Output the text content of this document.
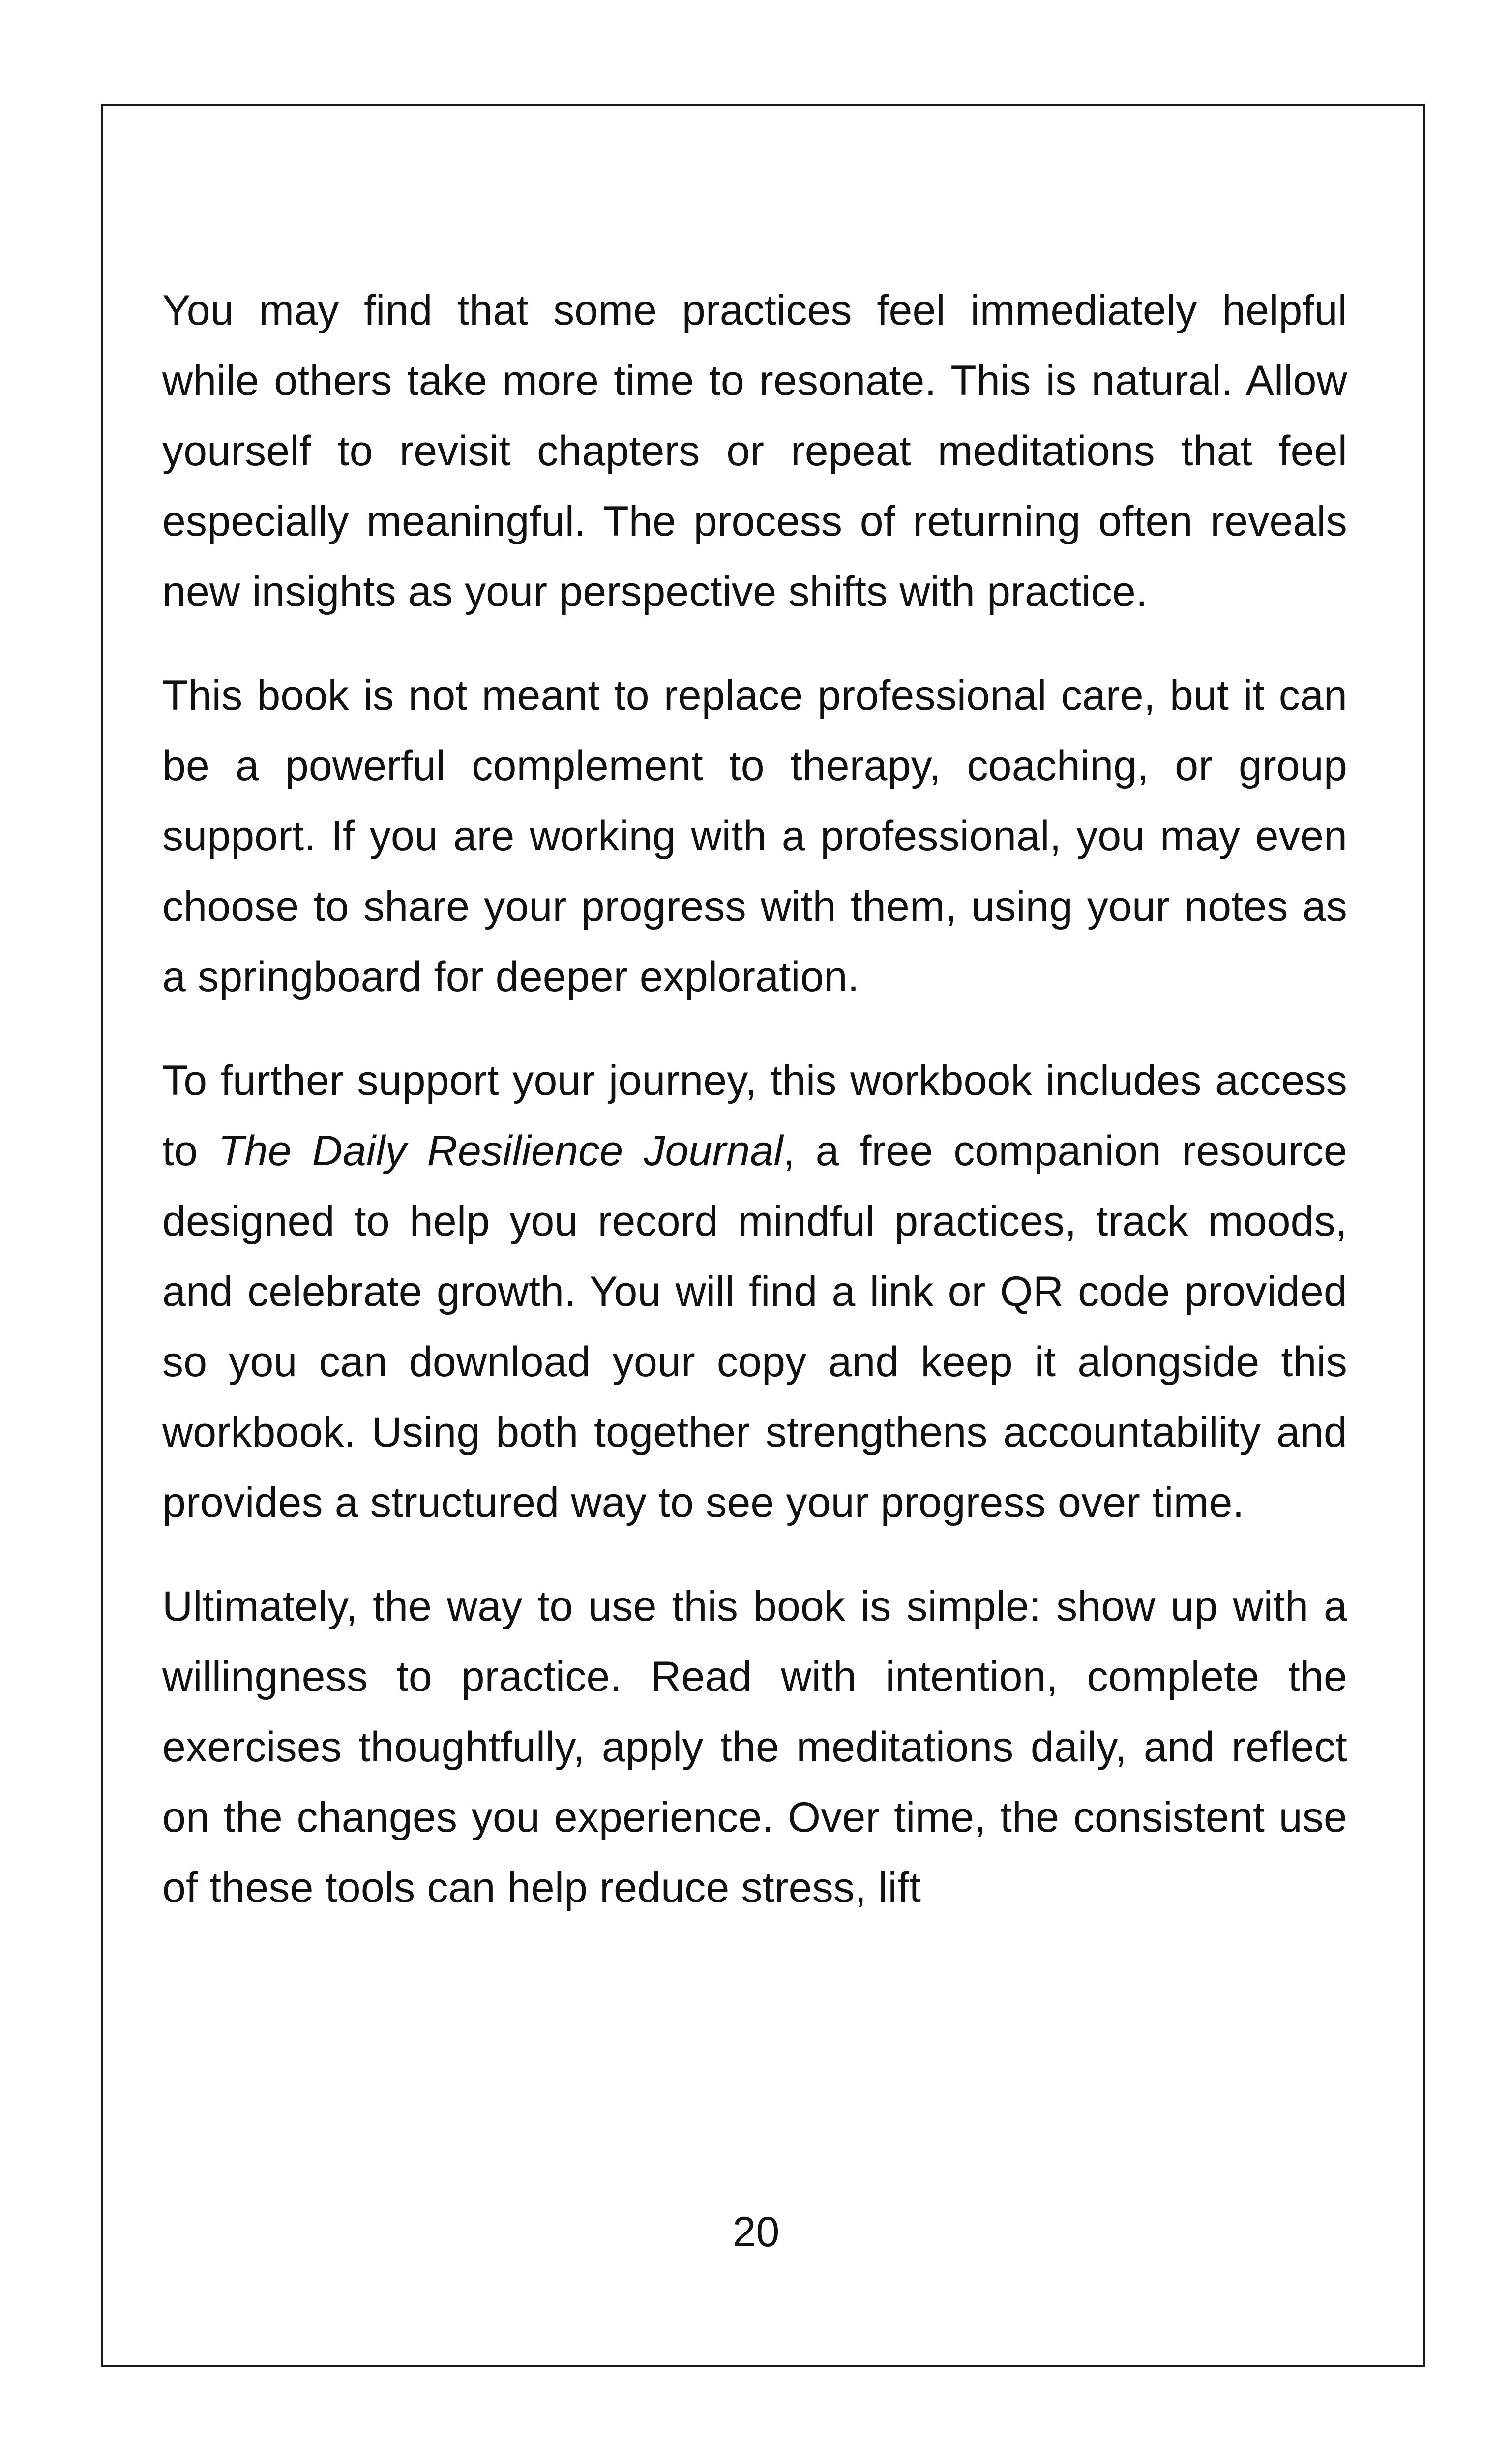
You may find that some practices feel immediately helpful while others take more time to resonate. This is natural. Allow yourself to revisit chapters or repeat meditations that feel especially meaningful. The process of returning often reveals new insights as your perspective shifts with practice.

This book is not meant to replace professional care, but it can be a powerful complement to therapy, coaching, or group support. If you are working with a professional, you may even choose to share your progress with them, using your notes as a springboard for deeper exploration.

To further support your journey, this workbook includes access to The Daily Resilience Journal, a free companion resource designed to help you record mindful practices, track moods, and celebrate growth. You will find a link or QR code provided so you can download your copy and keep it alongside this workbook. Using both together strengthens accountability and provides a structured way to see your progress over time.

Ultimately, the way to use this book is simple: show up with a willingness to practice. Read with intention, complete the exercises thoughtfully, apply the meditations daily, and reflect on the changes you experience. Over time, the consistent use of these tools can help reduce stress, lift

20
